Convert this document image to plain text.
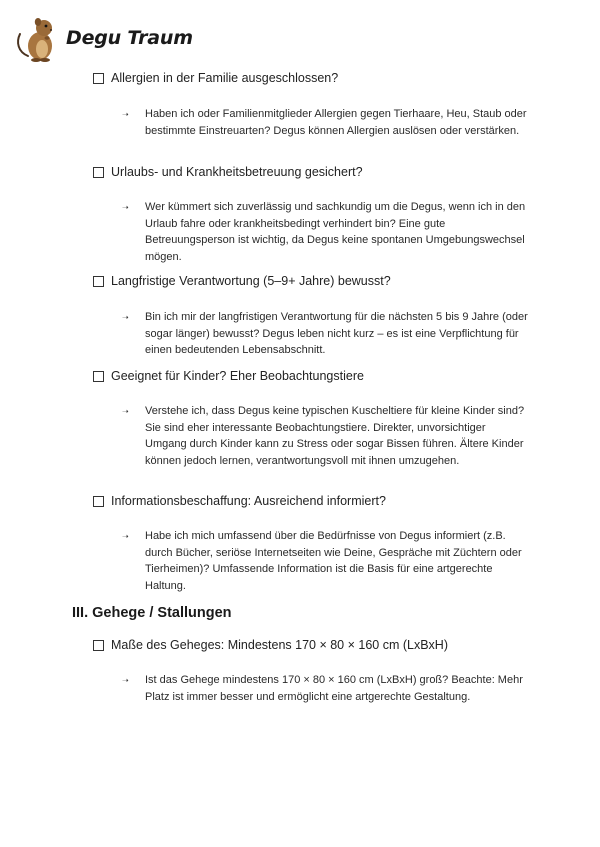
Degu Traum
Allergien in der Familie ausgeschlossen?
➝ Haben ich oder Familienmitglieder Allergien gegen Tierhaare, Heu, Staub oder bestimmte Einstreuarten? Degus können Allergien auslösen oder verstärken.
Urlaubs- und Krankheitsbetreuung gesichert?
➝ Wer kümmert sich zuverlässig und sachkundig um die Degus, wenn ich in den Urlaub fahre oder krankheitsbedingt verhindert bin? Eine gute Betreuungsperson ist wichtig, da Degus keine spontanen Umgebungswechsel mögen.
Langfristige Verantwortung (5–9+ Jahre) bewusst?
➝ Bin ich mir der langfristigen Verantwortung für die nächsten 5 bis 9 Jahre (oder sogar länger) bewusst? Degus leben nicht kurz – es ist eine Verpflichtung für einen bedeutenden Lebensabschnitt.
Geeignet für Kinder? Eher Beobachtungstiere
➝ Verstehe ich, dass Degus keine typischen Kuscheltiere für kleine Kinder sind? Sie sind eher interessante Beobachtungstiere. Direkter, unvorsichtiger Umgang durch Kinder kann zu Stress oder sogar Bissen führen. Ältere Kinder können jedoch lernen, verantwortungsvoll mit ihnen umzugehen.
Informationsbeschaffung: Ausreichend informiert?
➝ Habe ich mich umfassend über die Bedürfnisse von Degus informiert (z.B. durch Bücher, seriöse Internetseiten wie Deine, Gespräche mit Züchtern oder Tierheimen)? Umfassende Information ist die Basis für eine artgerechte Haltung.
III. Gehege / Stallungen
Maße des Geheges: Mindestens 170 × 80 × 160 cm (LxBxH)
➝ Ist das Gehege mindestens 170 × 80 × 160 cm (LxBxH) groß? Beachte: Mehr Platz ist immer besser und ermöglicht eine artgerechte Gestaltung.
